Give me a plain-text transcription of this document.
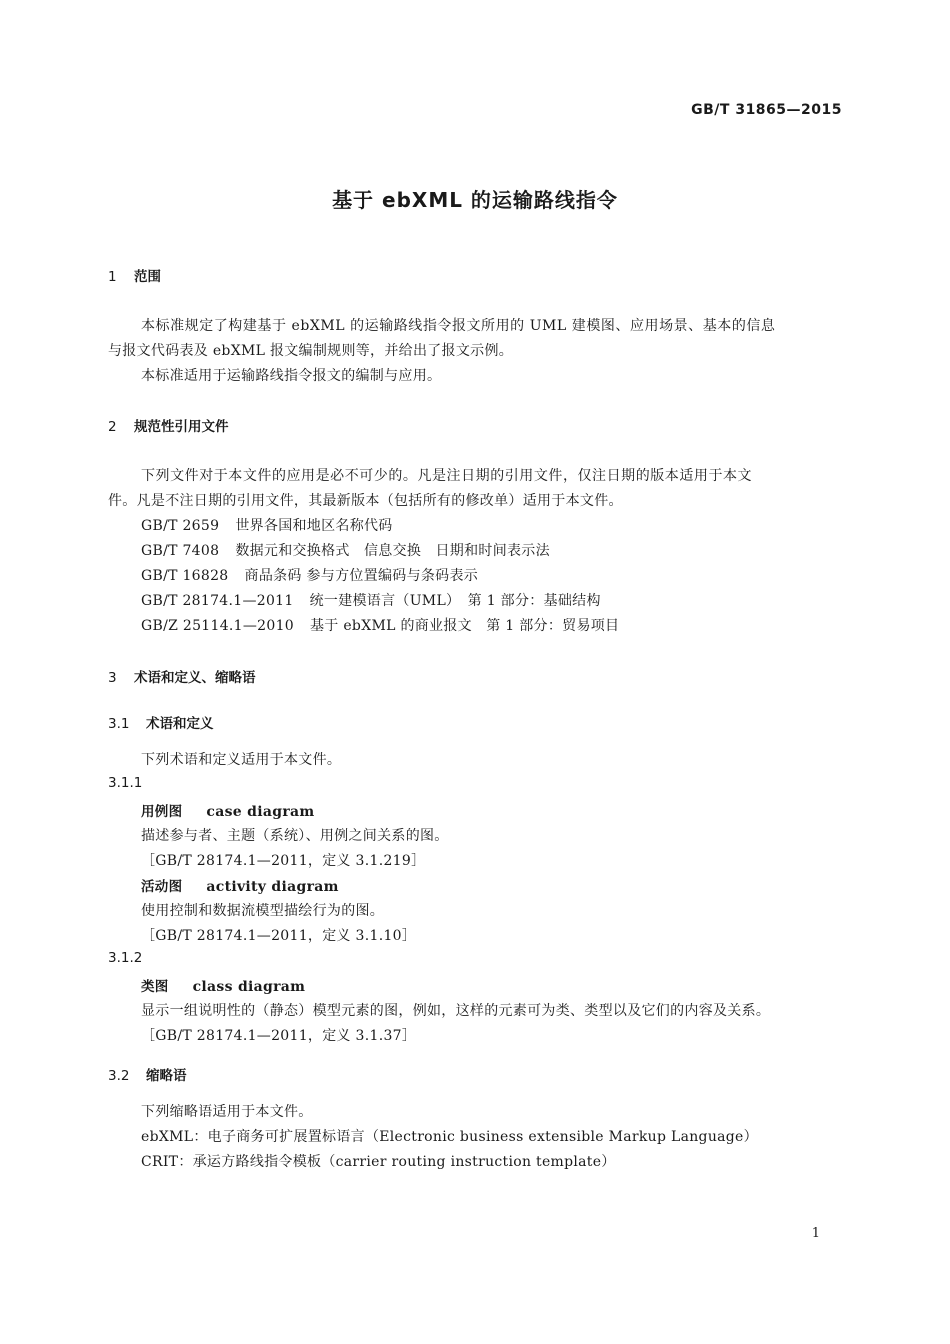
GB/T 31865—2015
基于 ebXML 的运输路线指令
1 范围
本标准规定了构建基于 ebXML 的运输路线指令报文所用的 UML 建模图、应用场景、基本的信息
与报文代码表及 ebXML 报文编制规则等，并给出了报文示例。
本标准适用于运输路线指令报文的编制与应用。
2 规范性引用文件
下列文件对于本文件的应用是必不可少的。凡是注日期的引用文件，仅注日期的版本适用于本文
件。凡是不注日期的引用文件，其最新版本（包括所有的修改单）适用于本文件。
GB/T 2659 世界各国和地区名称代码
GB/T 7408 数据元和交换格式　信息交换　日期和时间表示法
GB/T 16828 商品条码 参与方位置编码与条码表示
GB/T 28174.1—2011 统一建模语言（UML）　第 1 部分：基础结构
GB/Z 25114.1—2010 基于 ebXML 的商业报文　第 1 部分：贸易项目
3 术语和定义、缩略语
3.1 术语和定义
下列术语和定义适用于本文件。
3.1.1
用例图 case diagram
描述参与者、主题（系统）、用例之间关系的图。
［GB/T 28174.1—2011，定义 3.1.219］
活动图 activity diagram
使用控制和数据流模型描绘行为的图。
［GB/T 28174.1—2011，定义 3.1.10］
3.1.2
类图 class diagram
显示一组说明性的（静态）模型元素的图，例如，这样的元素可为类、类型以及它们的内容及关系。
［GB/T 28174.1—2011，定义 3.1.37］
3.2 缩略语
下列缩略语适用于本文件。
ebXML：电子商务可扩展置标语言（Electronic business extensible Markup Language）
CRIT：承运方路线指令模板（carrier routing instruction template）
1
